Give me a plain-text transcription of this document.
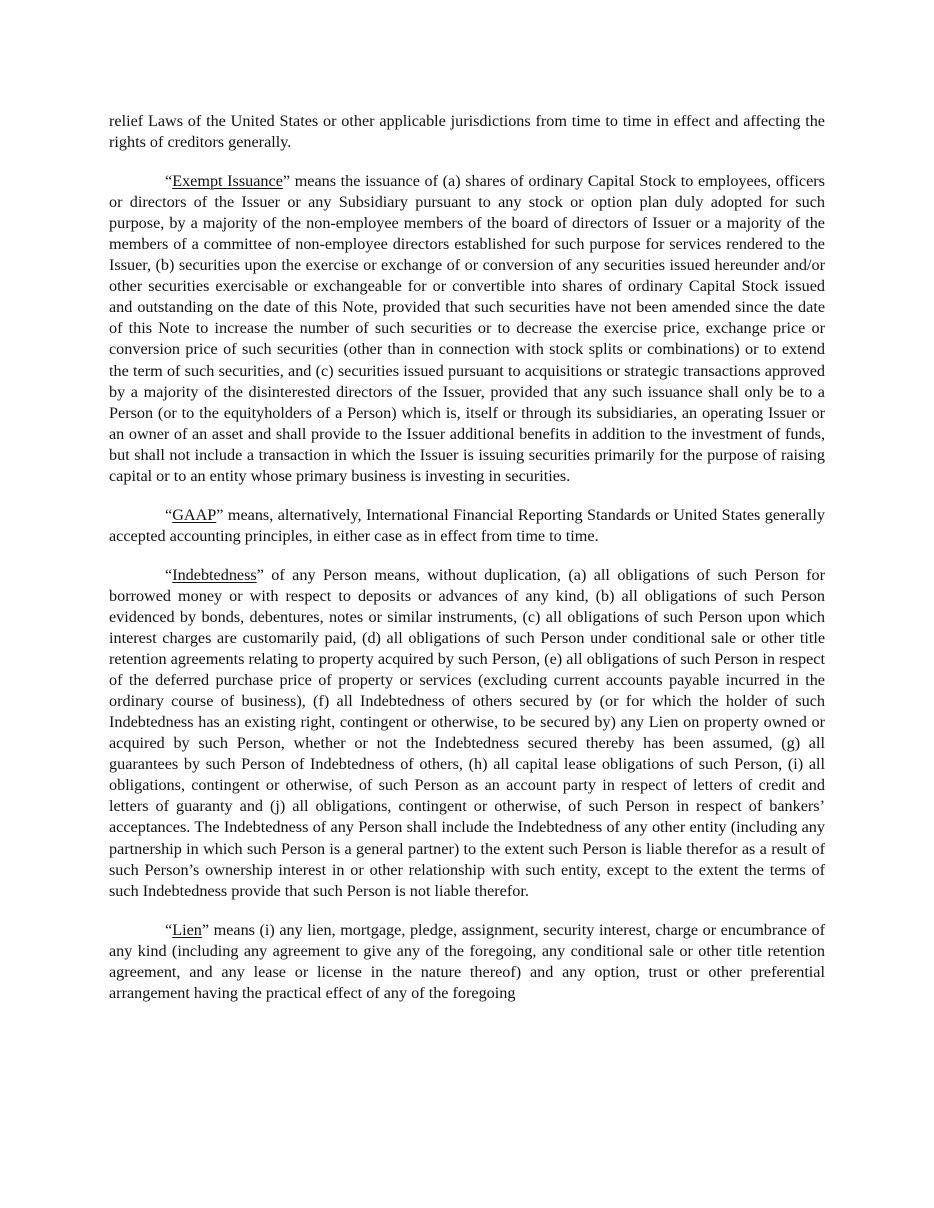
relief Laws of the United States or other applicable jurisdictions from time to time in effect and affecting the rights of creditors generally.

“Exempt Issuance” means the issuance of (a) shares of ordinary Capital Stock to employees, officers or directors of the Issuer or any Subsidiary pursuant to any stock or option plan duly adopted for such purpose, by a majority of the non-employee members of the board of directors of Issuer or a majority of the members of a committee of non-employee directors established for such purpose for services rendered to the Issuer, (b) securities upon the exercise or exchange of or conversion of any securities issued hereunder and/or other securities exercisable or exchangeable for or convertible into shares of ordinary Capital Stock issued and outstanding on the date of this Note, provided that such securities have not been amended since the date of this Note to increase the number of such securities or to decrease the exercise price, exchange price or conversion price of such securities (other than in connection with stock splits or combinations) or to extend the term of such securities, and (c) securities issued pursuant to acquisitions or strategic transactions approved by a majority of the disinterested directors of the Issuer, provided that any such issuance shall only be to a Person (or to the equityholders of a Person) which is, itself or through its subsidiaries, an operating Issuer or an owner of an asset and shall provide to the Issuer additional benefits in addition to the investment of funds, but shall not include a transaction in which the Issuer is issuing securities primarily for the purpose of raising capital or to an entity whose primary business is investing in securities.

“GAAP” means, alternatively, International Financial Reporting Standards or United States generally accepted accounting principles, in either case as in effect from time to time.

“Indebtedness” of any Person means, without duplication, (a) all obligations of such Person for borrowed money or with respect to deposits or advances of any kind, (b) all obligations of such Person evidenced by bonds, debentures, notes or similar instruments, (c) all obligations of such Person upon which interest charges are customarily paid, (d) all obligations of such Person under conditional sale or other title retention agreements relating to property acquired by such Person, (e) all obligations of such Person in respect of the deferred purchase price of property or services (excluding current accounts payable incurred in the ordinary course of business), (f) all Indebtedness of others secured by (or for which the holder of such Indebtedness has an existing right, contingent or otherwise, to be secured by) any Lien on property owned or acquired by such Person, whether or not the Indebtedness secured thereby has been assumed, (g) all guarantees by such Person of Indebtedness of others, (h) all capital lease obligations of such Person, (i) all obligations, contingent or otherwise, of such Person as an account party in respect of letters of credit and letters of guaranty and (j) all obligations, contingent or otherwise, of such Person in respect of bankers’ acceptances. The Indebtedness of any Person shall include the Indebtedness of any other entity (including any partnership in which such Person is a general partner) to the extent such Person is liable therefor as a result of such Person’s ownership interest in or other relationship with such entity, except to the extent the terms of such Indebtedness provide that such Person is not liable therefor.

“Lien” means (i) any lien, mortgage, pledge, assignment, security interest, charge or encumbrance of any kind (including any agreement to give any of the foregoing, any conditional sale or other title retention agreement, and any lease or license in the nature thereof) and any option, trust or other preferential arrangement having the practical effect of any of the foregoing
